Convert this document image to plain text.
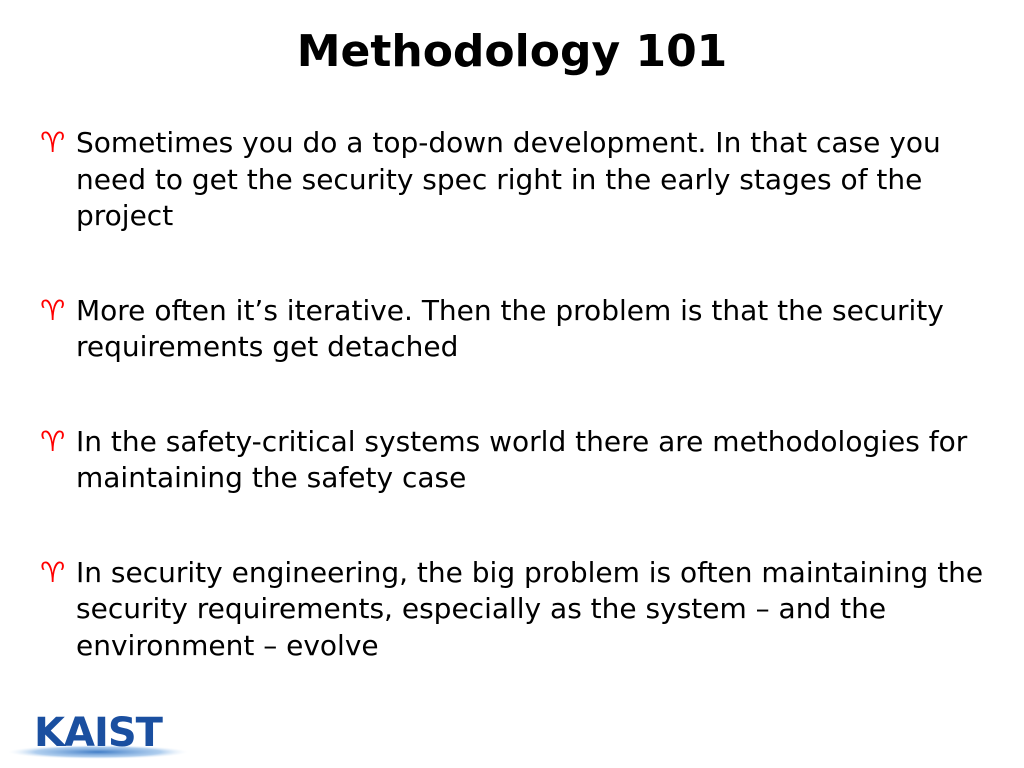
Methodology 101
♈ Sometimes you do a top-down development. In that case you need to get the security spec right in the early stages of the project
♈ More often it’s iterative. Then the problem is that the security requirements get detached
♈ In the safety-critical systems world there are methodologies for maintaining the safety case
♈ In security engineering, the big problem is often maintaining the security requirements, especially as the system – and the environment – evolve
KAIST
